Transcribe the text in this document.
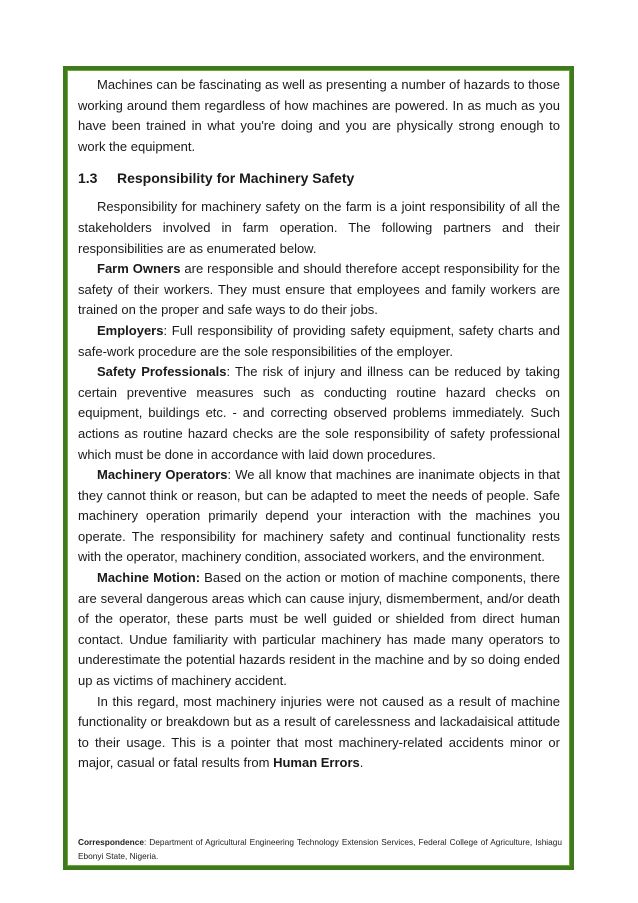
Machines can be fascinating as well as presenting a number of hazards to those working around them regardless of how machines are powered. In as much as you have been trained in what you're doing and you are physically strong enough to work the equipment.

1.3	Responsibility for Machinery Safety

Responsibility for machinery safety on the farm is a joint responsibility of all the stakeholders involved in farm operation. The following partners and their responsibilities are as enumerated below.

Farm Owners are responsible and should therefore accept responsibility for the safety of their workers. They must ensure that employees and family workers are trained on the proper and safe ways to do their jobs.

Employers: Full responsibility of providing safety equipment, safety charts and safe-work procedure are the sole responsibilities of the employer.

Safety Professionals: The risk of injury and illness can be reduced by taking certain preventive measures such as conducting routine hazard checks on equipment, buildings etc. - and correcting observed problems immediately. Such actions as routine hazard checks are the sole responsibility of safety professional which must be done in accordance with laid down procedures.

Machinery Operators: We all know that machines are inanimate objects in that they cannot think or reason, but can be adapted to meet the needs of people. Safe machinery operation primarily depend your interaction with the machines you operate. The responsibility for machinery safety and continual functionality rests with the operator, machinery condition, associated workers, and the environment.

Machine Motion: Based on the action or motion of machine components, there are several dangerous areas which can cause injury, dismemberment, and/or death of the operator, these parts must be well guided or shielded from direct human contact. Undue familiarity with particular machinery has made many operators to underestimate the potential hazards resident in the machine and by so doing ended up as victims of machinery accident.

In this regard, most machinery injuries were not caused as a result of machine functionality or breakdown but as a result of carelessness and lackadaisical attitude to their usage. This is a pointer that most machinery-related accidents minor or major, casual or fatal results from Human Errors.

Correspondence: Department of Agricultural Engineering Technology Extension Services, Federal College of Agriculture, Ishiagu Ebonyi State, Nigeria.
